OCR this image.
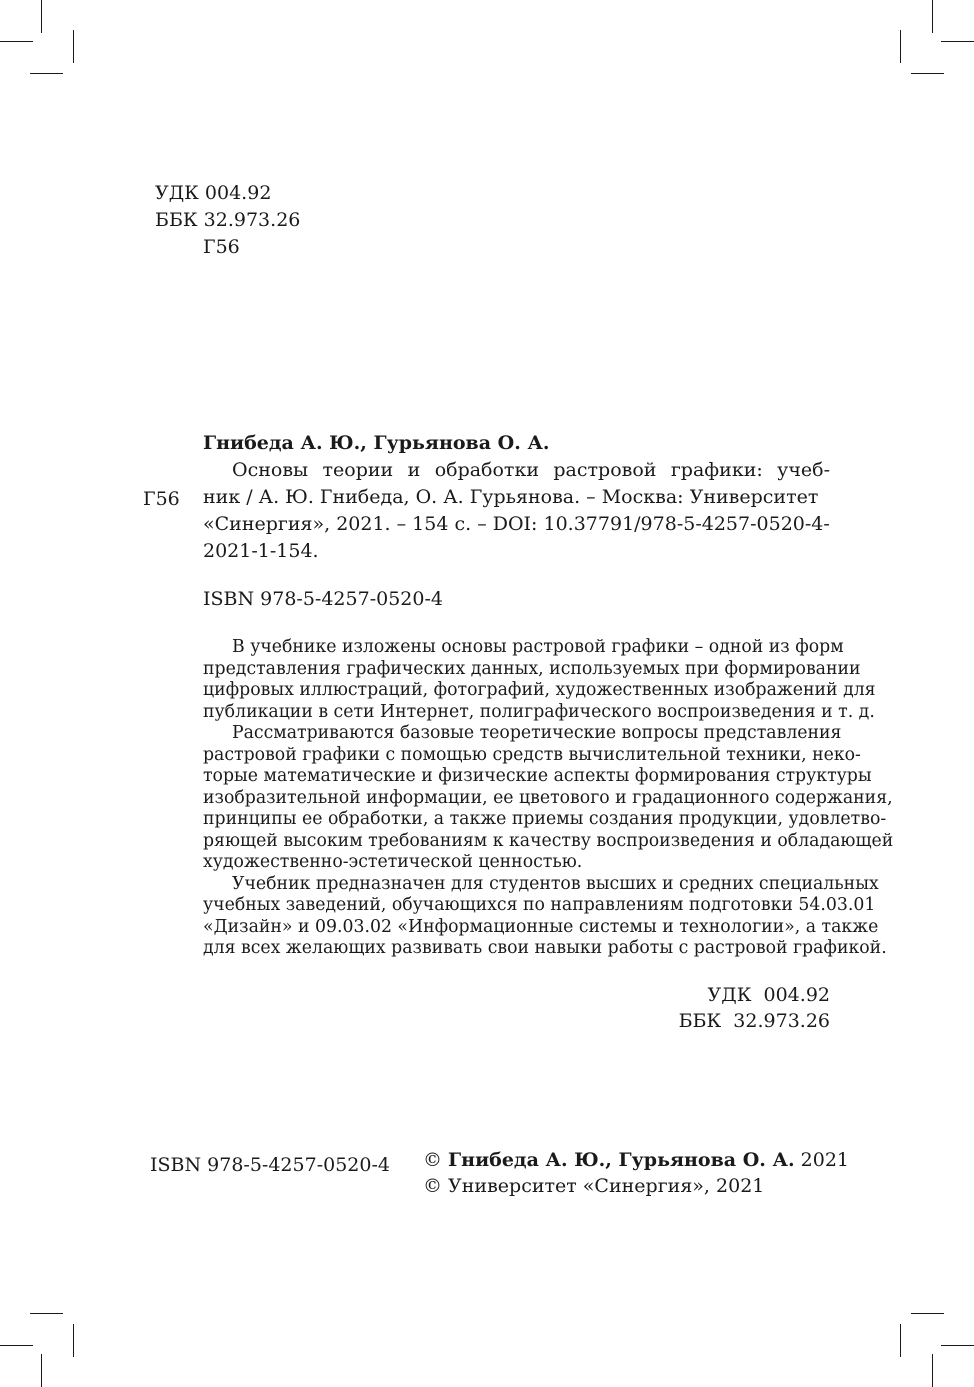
УДК 004.92
ББК 32.973.26
Г56
Гнибеда А. Ю., Гурьянова О. А.
Г56
Основы теории и обработки растровой графики: учеб-
ник / А. Ю. Гнибеда, О. А. Гурьянова. – Москва: Университет
«Синергия», 2021. – 154 с. – DOI: 10.37791/978-5-4257-0520-4-
2021-1-154.
ISBN 978-5-4257-0520-4
В учебнике изложены основы растровой графики – одной из форм
представления графических данных, используемых при формировании
цифровых иллюстраций, фотографий, художественных изображений для
публикации в сети Интернет, полиграфического воспроизведения и т. д.
Рассматриваются базовые теоретические вопросы представления
растровой графики с помощью средств вычислительной техники, неко-
торые математические и физические аспекты формирования структуры
изобразительной информации, ее цветового и градационного содержания,
принципы ее обработки, а также приемы создания продукции, удовлетво-
ряющей высоким требованиям к качеству воспроизведения и обладающей
художественно-эстетической ценностью.
Учебник предназначен для студентов высших и средних специальных
учебных заведений, обучающихся по направлениям подготовки 54.03.01
«Дизайн» и 09.03.02 «Информационные системы и технологии», а также
для всех желающих развивать свои навыки работы с растровой графикой.
УДК  004.92
ББК  32.973.26
ISBN 978-5-4257-0520-4 © Гнибеда А. Ю., Гурьянова О. А. 2021
© Университет «Синергия», 2021
